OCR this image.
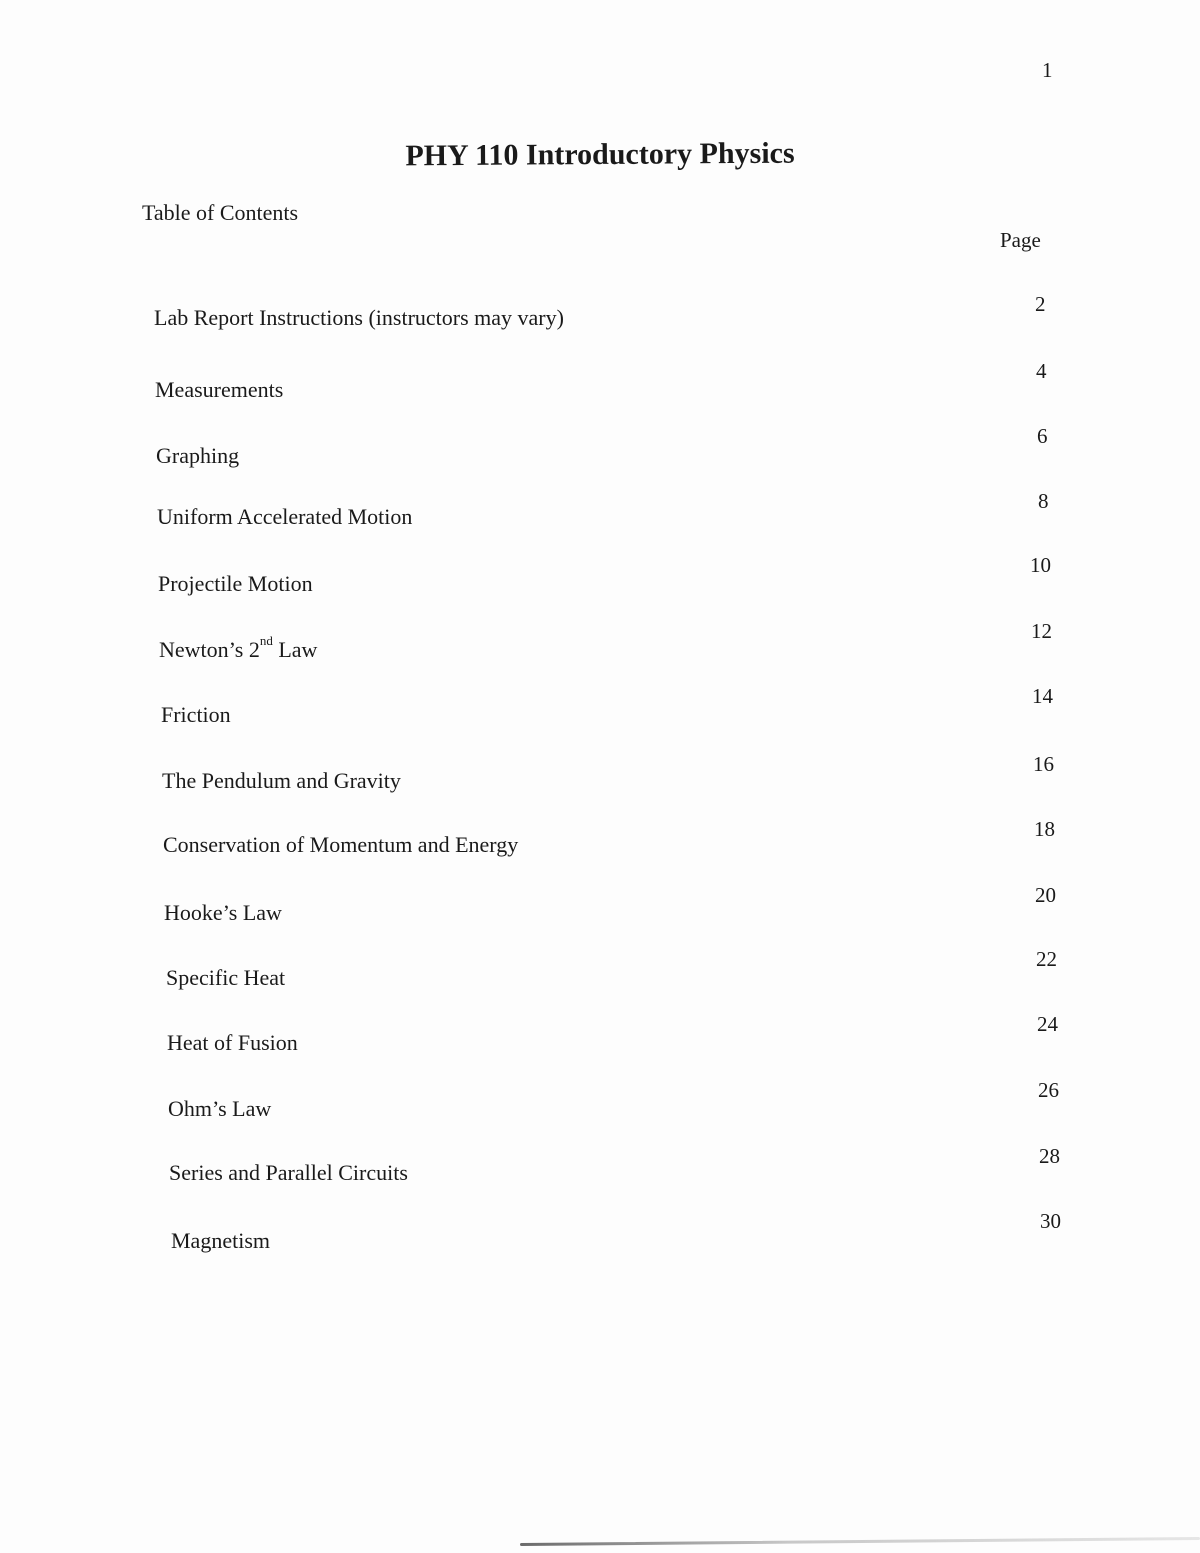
1
PHY 110 Introductory Physics
Table of Contents
Page
Lab Report Instructions (instructors may vary)
2
Measurements
4
Graphing
6
Uniform Accelerated Motion
8
Projectile Motion
10
Newton’s 2nd Law
12
Friction
14
The Pendulum and Gravity
16
Conservation of Momentum and Energy
18
Hooke’s Law
20
Specific Heat
22
Heat of Fusion
24
Ohm’s Law
26
Series and Parallel Circuits
28
Magnetism
30
